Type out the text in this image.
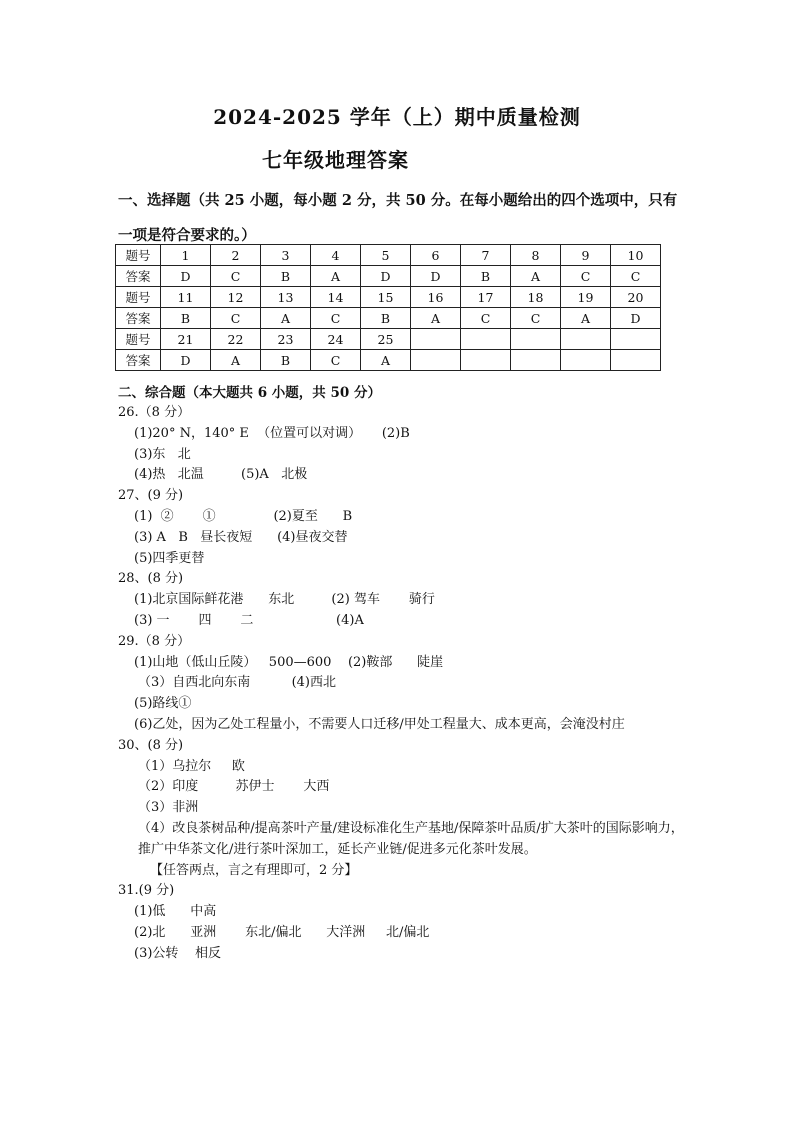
2024-2025 学年（上）期中质量检测
七年级地理答案
一、选择题（共 25 小题，每小题 2 分，共 50 分。在每小题给出的四个选项中，只有一项是符合要求的。）
题号	1	2	3	4	5	6	7	8	9	10
答案	D	C	B	A	D	D	B	A	C	C
题号	11	12	13	14	15	16	17	18	19	20
答案	B	C	A	C	B	A	C	C	A	D
题号	21	22	23	24	25					
答案	D	A	B	C	A					
二、综合题（本大题共 6 小题，共 50 分）
26.（8 分）
(1)20° N，140° E  （位置可以对调）     (2)B
(3)东   北
(4)热   北温         (5)A   北极
27、(9 分)
(1)  ②       ①              (2)夏至      B
(3) A   B   昼长夜短      (4)昼夜交替
(5)四季更替
28、(8 分)
(1)北京国际鲜花港      东北         (2) 驾车       骑行
(3) 一       四       二                    (4)A
29.（8 分）
(1)山地（低山丘陵）   500—600    (2)鞍部      陡崖
（3）自西北向东南          (4)西北
(5)路线①
(6)乙处，因为乙处工程量小，不需要人口迁移/甲处工程量大、成本更高，会淹没村庄
30、(8 分)
（1）乌拉尔     欧
（2）印度         苏伊士       大西
（3）非洲
（4）改良茶树品种/提高茶叶产量/建设标准化生产基地/保障茶叶品质/扩大茶叶的国际影响力，推广中华茶文化/进行茶叶深加工，延长产业链/促进多元化茶叶发展。
【任答两点，言之有理即可，2 分】
31.(9 分)
(1)低      中高
(2)北      亚洲       东北/偏北      大洋洲     北/偏北
(3)公转    相反
